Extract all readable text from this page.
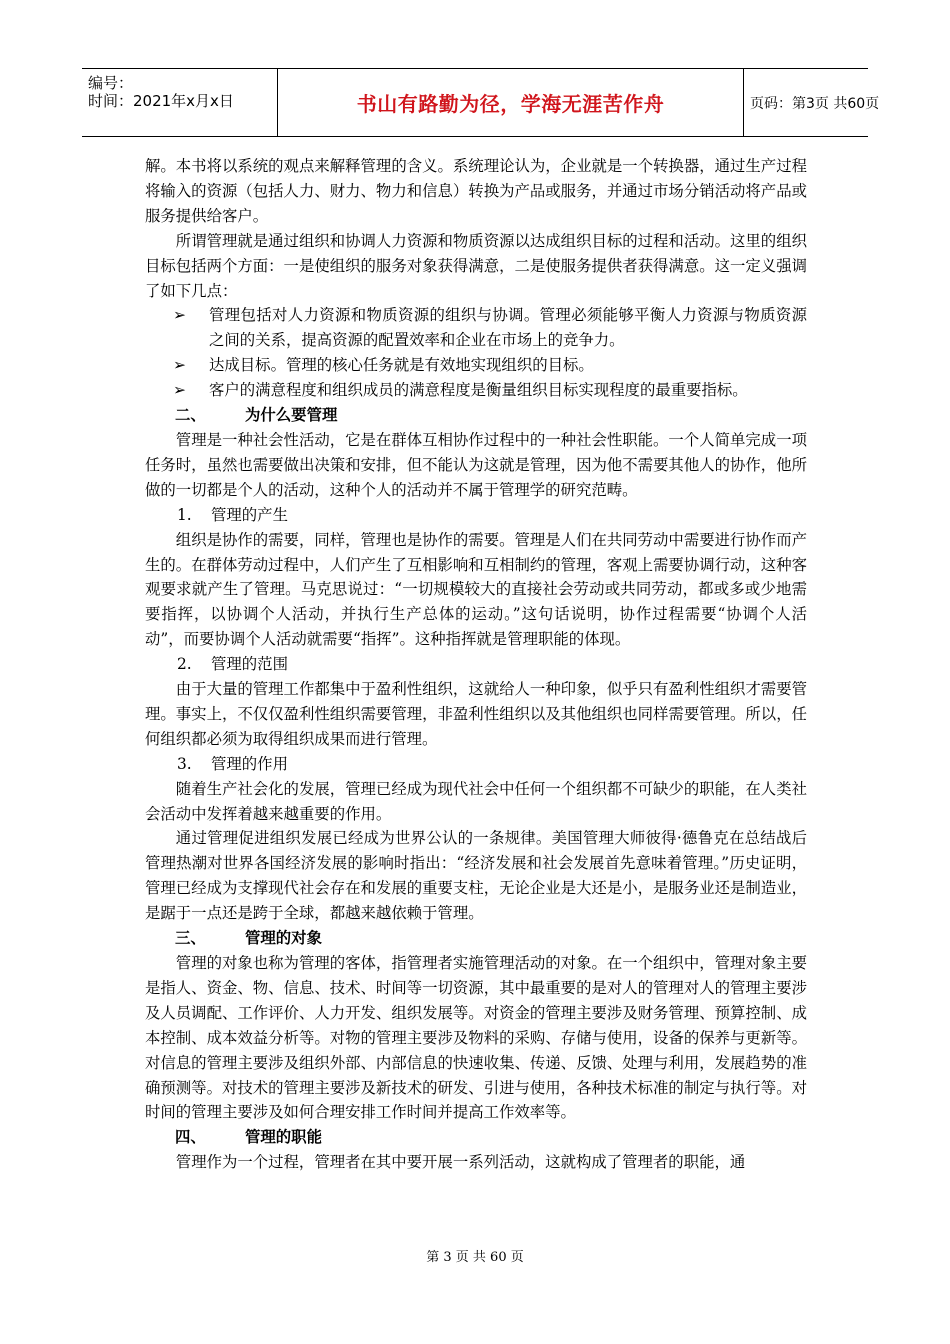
编号：
时间：2021年x月x日	书山有路勤为径，学海无涯苦作舟	页码：第3页 共60页

解。本书将以系统的观点来解释管理的含义。系统理论认为，企业就是一个转换器，通过生产过程将输入的资源（包括人力、财力、物力和信息）转换为产品或服务，并通过市场分销活动将产品或服务提供给客户。

所谓管理就是通过组织和协调人力资源和物质资源以达成组织目标的过程和活动。这里的组织目标包括两个方面：一是使组织的服务对象获得满意，二是使服务提供者获得满意。这一定义强调了如下几点：

➢	管理包括对人力资源和物质资源的组织与协调。管理必须能够平衡人力资源与物质资源之间的关系，提高资源的配置效率和企业在市场上的竞争力。
➢	达成目标。管理的核心任务就是有效地实现组织的目标。
➢	客户的满意程度和组织成员的满意程度是衡量组织目标实现程度的最重要指标。
二、	为什么要管理

管理是一种社会性活动，它是在群体互相协作过程中的一种社会性职能。一个人简单完成一项任务时，虽然也需要做出决策和安排，但不能认为这就是管理，因为他不需要其他人的协作，他所做的一切都是个人的活动，这种个人的活动并不属于管理学的研究范畴。

1.	管理的产生

组织是协作的需要，同样，管理也是协作的需要。管理是人们在共同劳动中需要进行协作而产生的。在群体劳动过程中，人们产生了互相影响和互相制约的管理，客观上需要协调行动，这种客观要求就产生了管理。马克思说过：“一切规模较大的直接社会劳动或共同劳动，都或多或少地需要指挥，以协调个人活动，并执行生产总体的运动。”这句话说明，协作过程需要“协调个人活动”，而要协调个人活动就需要“指挥”。这种指挥就是管理职能的体现。

2.	管理的范围

由于大量的管理工作都集中于盈利性组织，这就给人一种印象，似乎只有盈利性组织才需要管理。事实上，不仅仅盈利性组织需要管理，非盈利性组织以及其他组织也同样需要管理。所以，任何组织都必须为取得组织成果而进行管理。

3.	管理的作用

随着生产社会化的发展，管理已经成为现代社会中任何一个组织都不可缺少的职能，在人类社会活动中发挥着越来越重要的作用。

通过管理促进组织发展已经成为世界公认的一条规律。美国管理大师彼得·德鲁克在总结战后管理热潮对世界各国经济发展的影响时指出：“经济发展和社会发展首先意味着管理。”历史证明，管理已经成为支撑现代社会存在和发展的重要支柱，无论企业是大还是小，是服务业还是制造业，是踞于一点还是跨于全球，都越来越依赖于管理。

三、	管理的对象

管理的对象也称为管理的客体，指管理者实施管理活动的对象。在一个组织中，管理对象主要是指人、资金、物、信息、技术、时间等一切资源，其中最重要的是对人的管理对人的管理主要涉及人员调配、工作评价、人力开发、组织发展等。对资金的管理主要涉及财务管理、预算控制、成本控制、成本效益分析等。对物的管理主要涉及物料的采购、存储与使用，设备的保养与更新等。对信息的管理主要涉及组织外部、内部信息的快速收集、传递、反馈、处理与利用，发展趋势的准确预测等。对技术的管理主要涉及新技术的研发、引进与使用，各种技术标准的制定与执行等。对时间的管理主要涉及如何合理安排工作时间并提高工作效率等。

四、	管理的职能

管理作为一个过程，管理者在其中要开展一系列活动，这就构成了管理者的职能，通

第 3 页 共 60 页
